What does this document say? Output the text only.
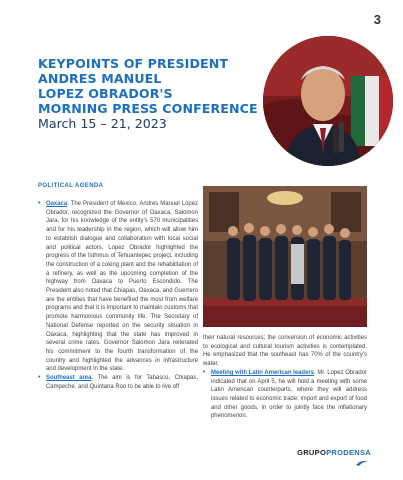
3
KEYPOINTS OF PRESIDENT
ANDRES MANUEL
LOPEZ OBRADOR'S
MORNING PRESS CONFERENCE
March 15 – 21, 2023
POLITICAL AGENDA
• Oaxaca: The President of Mexico, Andres Manuel Lopez Obrador, recognized the Governor of Oaxaca, Salomon Jara, for his knowledge of the entity's 570 municipalities and for his leadership in the region, which will allow him to establish dialogue and collaboration with local social and political actors. Lopez Obrador highlighted the progress of the Isthmus of Tehuantepec project, including the construction of a coking plant and the rehabilitation of a refinery, as well as the upcoming completion of the highway from Oaxaca to Puerto Escondido. The President also noted that Chiapas, Oaxaca, and Guerrero are the entities that have benefited the most from welfare programs and that it is important to maintain customs that promote harmonious community life. The Secretary of National Defense reported on the security situation in Oaxaca, highlighting that the state has improved in several crime rates. Governor Salomon Jara reiterated his commitment to the fourth transformation of the country and highlighted the advances in infrastructure and development in the state.
• Southeast area: The aim is for Tabasco, Chiapas, Campeche, and Quintana Roo to be able to live off
their natural resources; the conversion of economic activities to ecological and cultural tourism activities is contemplated. He emphasized that the southeast has 70% of the country's water.
• Meeting with Latin American leaders: Mr. Lopez Obrador indicated that on April 5, he will hold a meeting with some Latin American counterparts, where they will address issues related to economic trade: import and export of food and other goods, in order to jointly face the inflationary phenomenon.
GRUPOPRODENSA
